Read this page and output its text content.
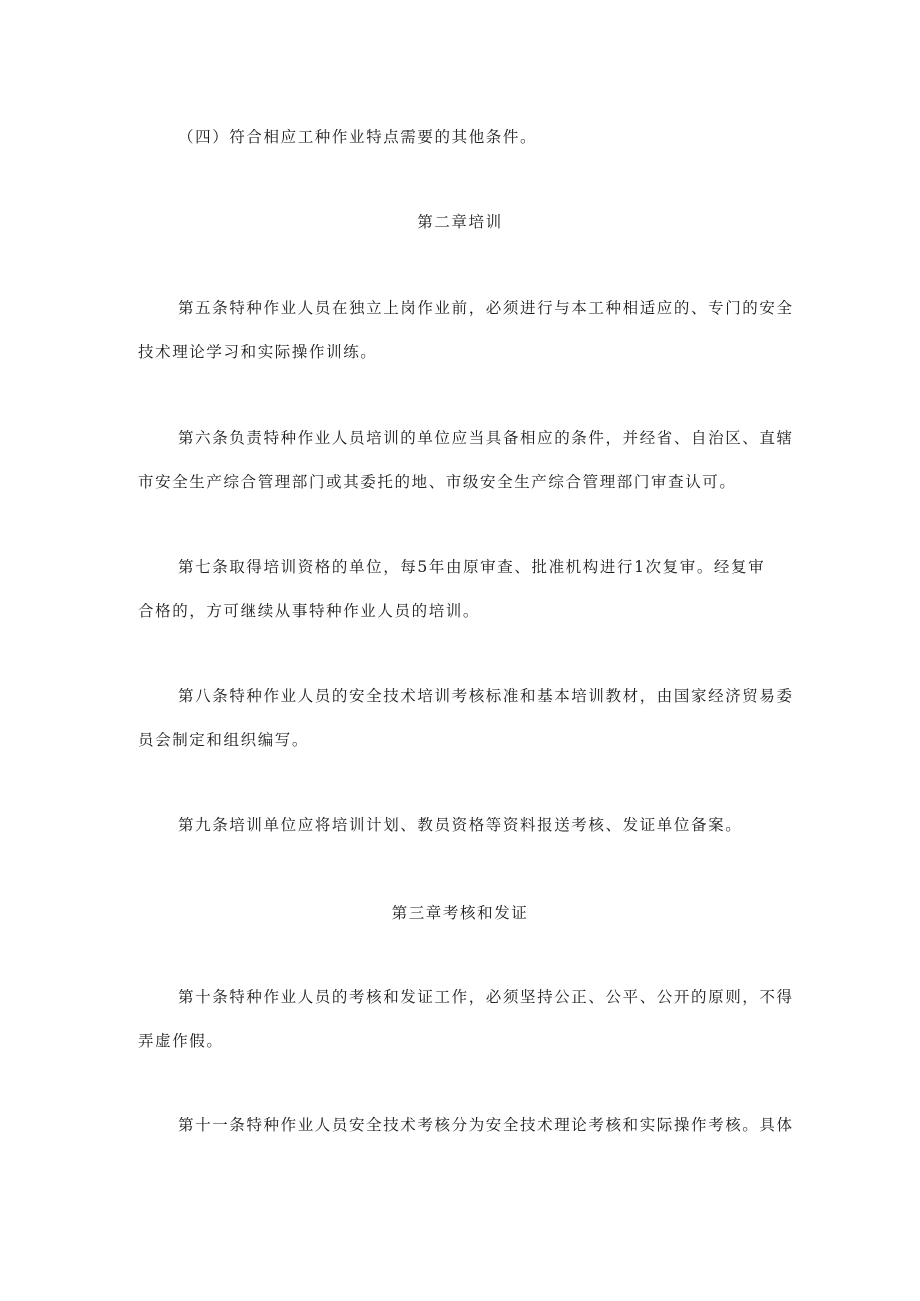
（四）符合相应工种作业特点需要的其他条件。
第二章培训
第五条特种作业人员在独立上岗作业前，必须进行与本工种相适应的、专门的安全
技术理论学习和实际操作训练。
第六条负责特种作业人员培训的单位应当具备相应的条件，并经省、自治区、直辖
市安全生产综合管理部门或其委托的地、市级安全生产综合管理部门审查认可。
第七条取得培训资格的单位，每5年由原审查、批准机构进行1次复审。经复审
合格的，方可继续从事特种作业人员的培训。
第八条特种作业人员的安全技术培训考核标准和基本培训教材，由国家经济贸易委
员会制定和组织编写。
第九条培训单位应将培训计划、教员资格等资料报送考核、发证单位备案。
第三章考核和发证
第十条特种作业人员的考核和发证工作，必须坚持公正、公平、公开的原则，不得
弄虚作假。
第十一条特种作业人员安全技术考核分为安全技术理论考核和实际操作考核。具体
